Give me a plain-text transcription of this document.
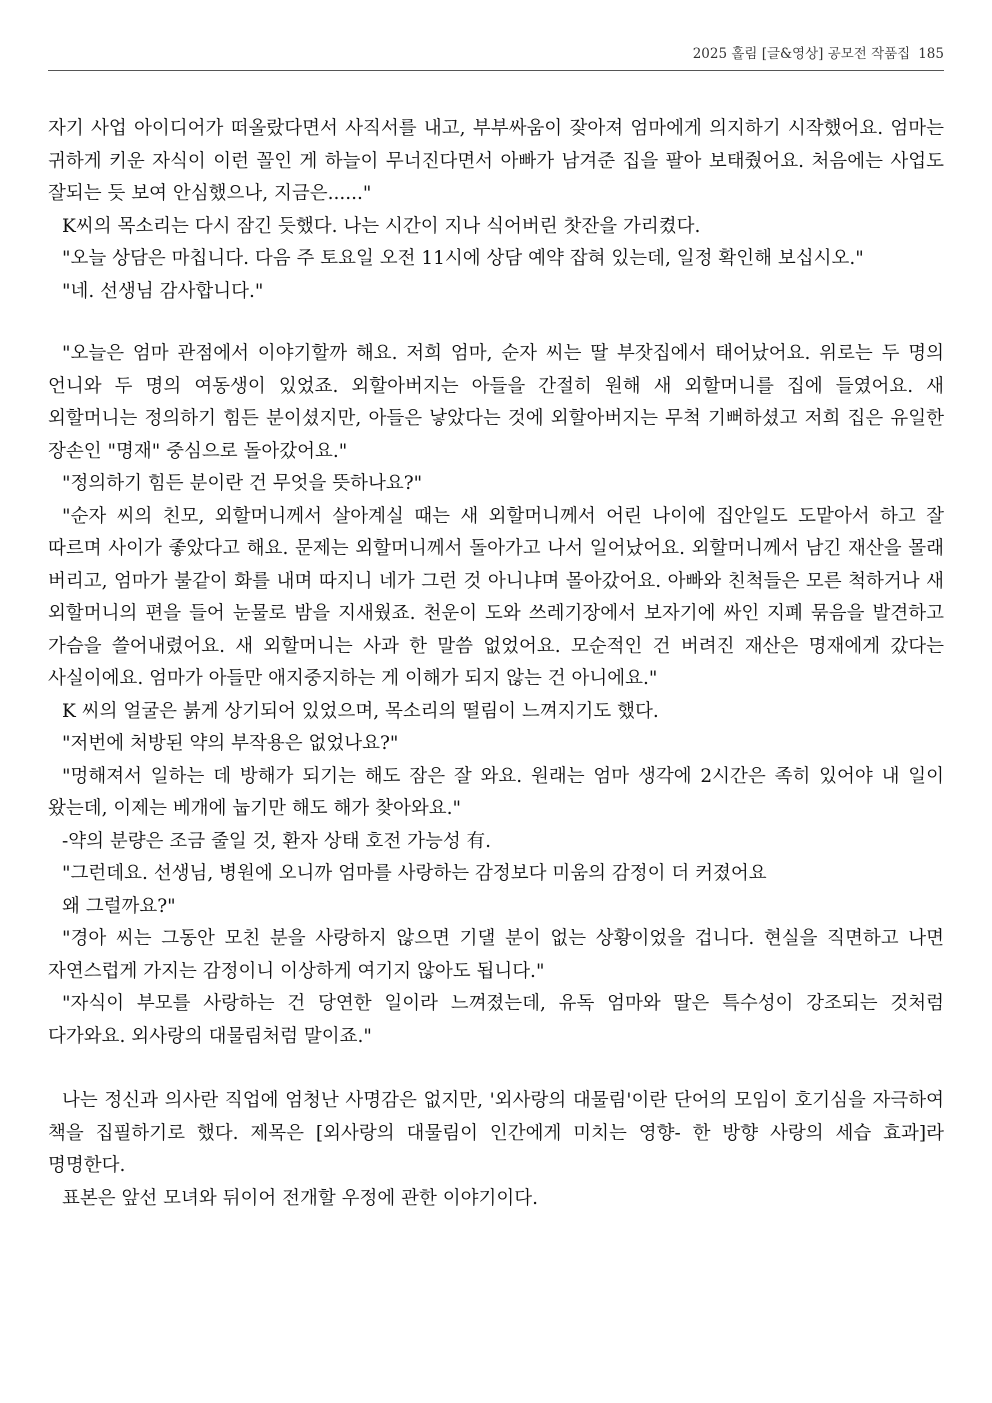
2025 홀림 [글&영상] 공모전 작품집 185

자기 사업 아이디어가 떠올랐다면서 사직서를 내고, 부부싸움이 잦아져 엄마에게 의지하기 시작했어요. 엄마는 귀하게 키운 자식이 이런 꼴인 게 하늘이 무너진다면서 아빠가 남겨준 집을 팔아 보태줬어요. 처음에는 사업도 잘되는 듯 보여 안심했으나, 지금은......"

K씨의 목소리는 다시 잠긴 듯했다. 나는 시간이 지나 식어버린 찻잔을 가리켰다.

"오늘 상담은 마칩니다. 다음 주 토요일 오전 11시에 상담 예약 잡혀 있는데, 일정 확인해 보십시오."

"네. 선생님 감사합니다."

"오늘은 엄마 관점에서 이야기할까 해요. 저희 엄마, 순자 씨는 딸 부잣집에서 태어났어요. 위로는 두 명의 언니와 두 명의 여동생이 있었죠. 외할아버지는 아들을 간절히 원해 새 외할머니를 집에 들였어요. 새 외할머니는 정의하기 힘든 분이셨지만, 아들은 낳았다는 것에 외할아버지는 무척 기뻐하셨고 저희 집은 유일한 장손인 "명재" 중심으로 돌아갔어요."

"정의하기 힘든 분이란 건 무엇을 뜻하나요?"

"순자 씨의 친모, 외할머니께서 살아계실 때는 새 외할머니께서 어린 나이에 집안일도 도맡아서 하고 잘 따르며 사이가 좋았다고 해요. 문제는 외할머니께서 돌아가고 나서 일어났어요. 외할머니께서 남긴 재산을 몰래 버리고, 엄마가 불같이 화를 내며 따지니 네가 그런 것 아니냐며 몰아갔어요. 아빠와 친척들은 모른 척하거나 새 외할머니의 편을 들어 눈물로 밤을 지새웠죠. 천운이 도와 쓰레기장에서 보자기에 싸인 지폐 묶음을 발견하고 가슴을 쓸어내렸어요. 새 외할머니는 사과 한 말씀 없었어요. 모순적인 건 버려진 재산은 명재에게 갔다는 사실이에요. 엄마가 아들만 애지중지하는 게 이해가 되지 않는 건 아니에요."

K 씨의 얼굴은 붉게 상기되어 있었으며, 목소리의 떨림이 느껴지기도 했다.

"저번에 처방된 약의 부작용은 없었나요?"

"멍해져서 일하는 데 방해가 되기는 해도 잠은 잘 와요. 원래는 엄마 생각에 2시간은 족히 있어야 내 일이 왔는데, 이제는 베개에 눕기만 해도 해가 찾아와요."

-약의 분량은 조금 줄일 것, 환자 상태 호전 가능성 有.

"그런데요. 선생님, 병원에 오니까 엄마를 사랑하는 감정보다 미움의 감정이 더 커졌어요

왜 그럴까요?"

"경아 씨는 그동안 모친 분을 사랑하지 않으면 기댈 분이 없는 상황이었을 겁니다. 현실을 직면하고 나면 자연스럽게 가지는 감정이니 이상하게 여기지 않아도 됩니다."

"자식이 부모를 사랑하는 건 당연한 일이라 느껴졌는데, 유독 엄마와 딸은 특수성이 강조되는 것처럼 다가와요. 외사랑의 대물림처럼 말이죠."

나는 정신과 의사란 직업에 엄청난 사명감은 없지만, '외사랑의 대물림'이란 단어의 모임이 호기심을 자극하여 책을 집필하기로 했다. 제목은 [외사랑의 대물림이 인간에게 미치는 영향- 한 방향 사랑의 세습 효과]라 명명한다.

표본은 앞선 모녀와 뒤이어 전개할 우정에 관한 이야기이다.
